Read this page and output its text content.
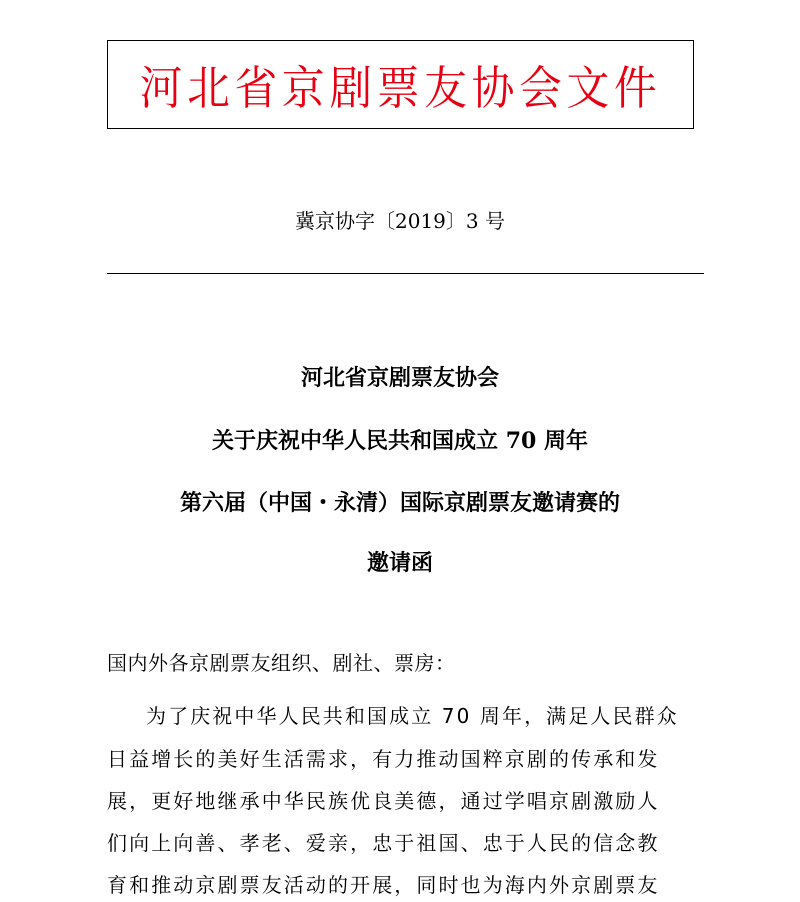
河北省京剧票友协会文件
冀京协字〔2019〕3 号
河北省京剧票友协会
关于庆祝中华人民共和国成立 70 周年
第六届（中国・永清）国际京剧票友邀请赛的
邀请函
国内外各京剧票友组织、剧社、票房：
为了庆祝中华人民共和国成立 70 周年，满足人民群众
日益增长的美好生活需求，有力推动国粹京剧的传承和发
展，更好地继承中华民族优良美德，通过学唱京剧激励人
们向上向善、孝老、爱亲，忠于祖国、忠于人民的信念教
育和推动京剧票友活动的开展，同时也为海内外京剧票友
